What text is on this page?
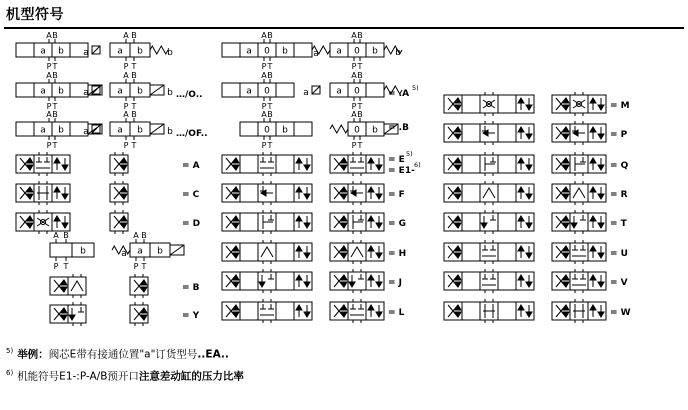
机型符号
a b
A B
P T
a b
A B
P T
a b
A B
P T
a b
A B
P T
a	b
a b
A B
P T
a	b …/O..
a b
A B
P T
a	b …/OF..
a 0 b
A B
P T
a 0
A B
P T
0 b
A B
P T
a 0 b
A B
P T
a	b
a 0
A B
P T
a	= .A
5)
0 b
A B
P T
= .B
= A
= C
= D
b
A B
P T
a b
A B
P T
a
= B
= Y
= E
5)
= E1-
6)
= F
= G
= H
= J
= L
= M
= P
= Q
= R
= T
= U
= V
= W
$^{5)}$ 举例：阀芯E带有接通位置"a"订货型号..EA..
$^{6)}$ 机能符号E1-:P-A/B预开口注意差动缸的压力比率
